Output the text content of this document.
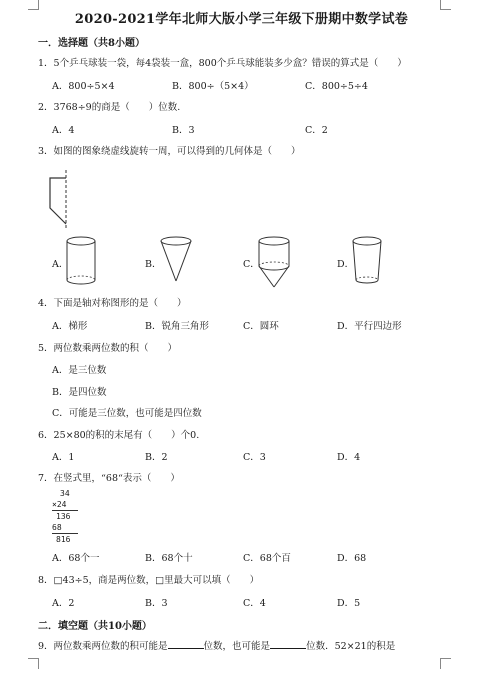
2020-2021学年北师大版小学三年级下册期中数学试卷
一．选择题（共8小题）
1．5个乒乓球装一袋，每4袋装一盒，800个乒乓球能装多少盒？错误的算式是（　　）
A．800÷5×4	B．800÷（5×4）	C．800÷5÷4
2．3768÷9的商是（　　）位数.
A．4	B．3	C．2
3．如图的图象绕虚线旋转一周，可以得到的几何体是（　　）
A．	B．	C．	D．
4．下面是轴对称图形的是（　　）
A．梯形	B．锐角三角形	C．圆环	D．平行四边形
5．两位数乘两位数的积（　　）
A．是三位数
B．是四位数
C．可能是三位数，也可能是四位数
6．25×80的积的末尾有（　　）个0.
A．1	B．2	C．3	D．4
7．在竖式里，“68“表示（　　）
34
×24
136
68
816
A．68个一	B．68个十	C．68个百	D．68
8．□43÷5，商是两位数，□里最大可以填（　　）
A．2	B．3	C．4	D．5
二．填空题（共10小题）
9．两位数乘两位数的积可能是	位数，也可能是	位数．52×21的积是
